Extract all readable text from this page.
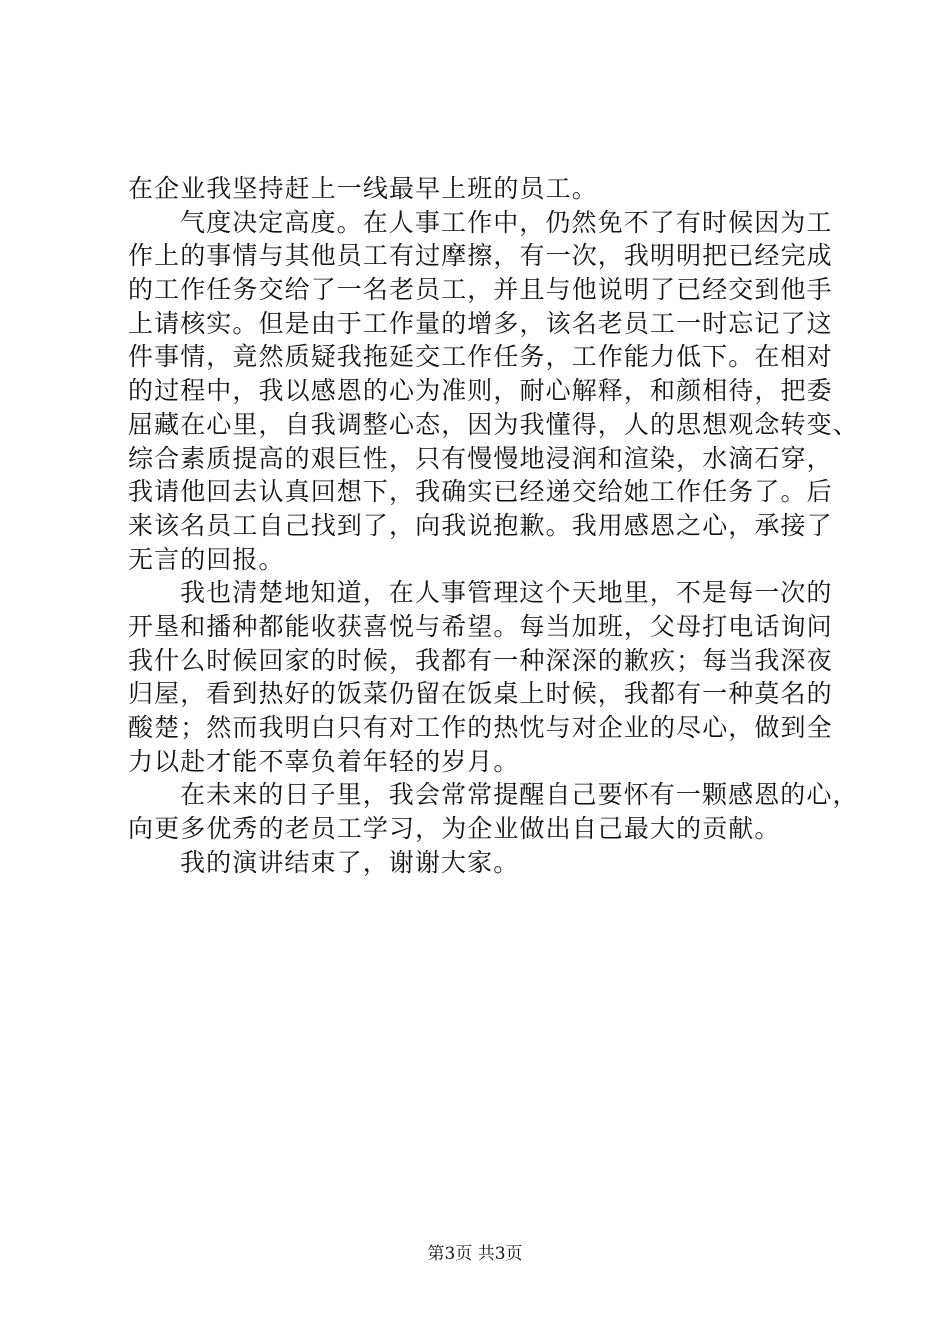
在企业我坚持赶上一线最早上班的员工。
气度决定高度。在人事工作中，仍然免不了有时候因为工
作上的事情与其他员工有过摩擦，有一次，我明明把已经完成
的工作任务交给了一名老员工，并且与他说明了已经交到他手
上请核实。但是由于工作量的增多，该名老员工一时忘记了这
件事情，竟然质疑我拖延交工作任务，工作能力低下。在相对
的过程中，我以感恩的心为准则，耐心解释，和颜相待，把委
屈藏在心里，自我调整心态，因为我懂得，人的思想观念转变、
综合素质提高的艰巨性，只有慢慢地浸润和渲染，水滴石穿，
我请他回去认真回想下，我确实已经递交给她工作任务了。后
来该名员工自己找到了，向我说抱歉。我用感恩之心，承接了
无言的回报。
我也清楚地知道，在人事管理这个天地里，不是每一次的
开垦和播种都能收获喜悦与希望。每当加班，父母打电话询问
我什么时候回家的时候，我都有一种深深的歉疚；每当我深夜
归屋，看到热好的饭菜仍留在饭桌上时候，我都有一种莫名的
酸楚；然而我明白只有对工作的热忱与对企业的尽心，做到全
力以赴才能不辜负着年轻的岁月。
在未来的日子里，我会常常提醒自己要怀有一颗感恩的心，
向更多优秀的老员工学习，为企业做出自己最大的贡献。
我的演讲结束了，谢谢大家。
第3页 共3页
